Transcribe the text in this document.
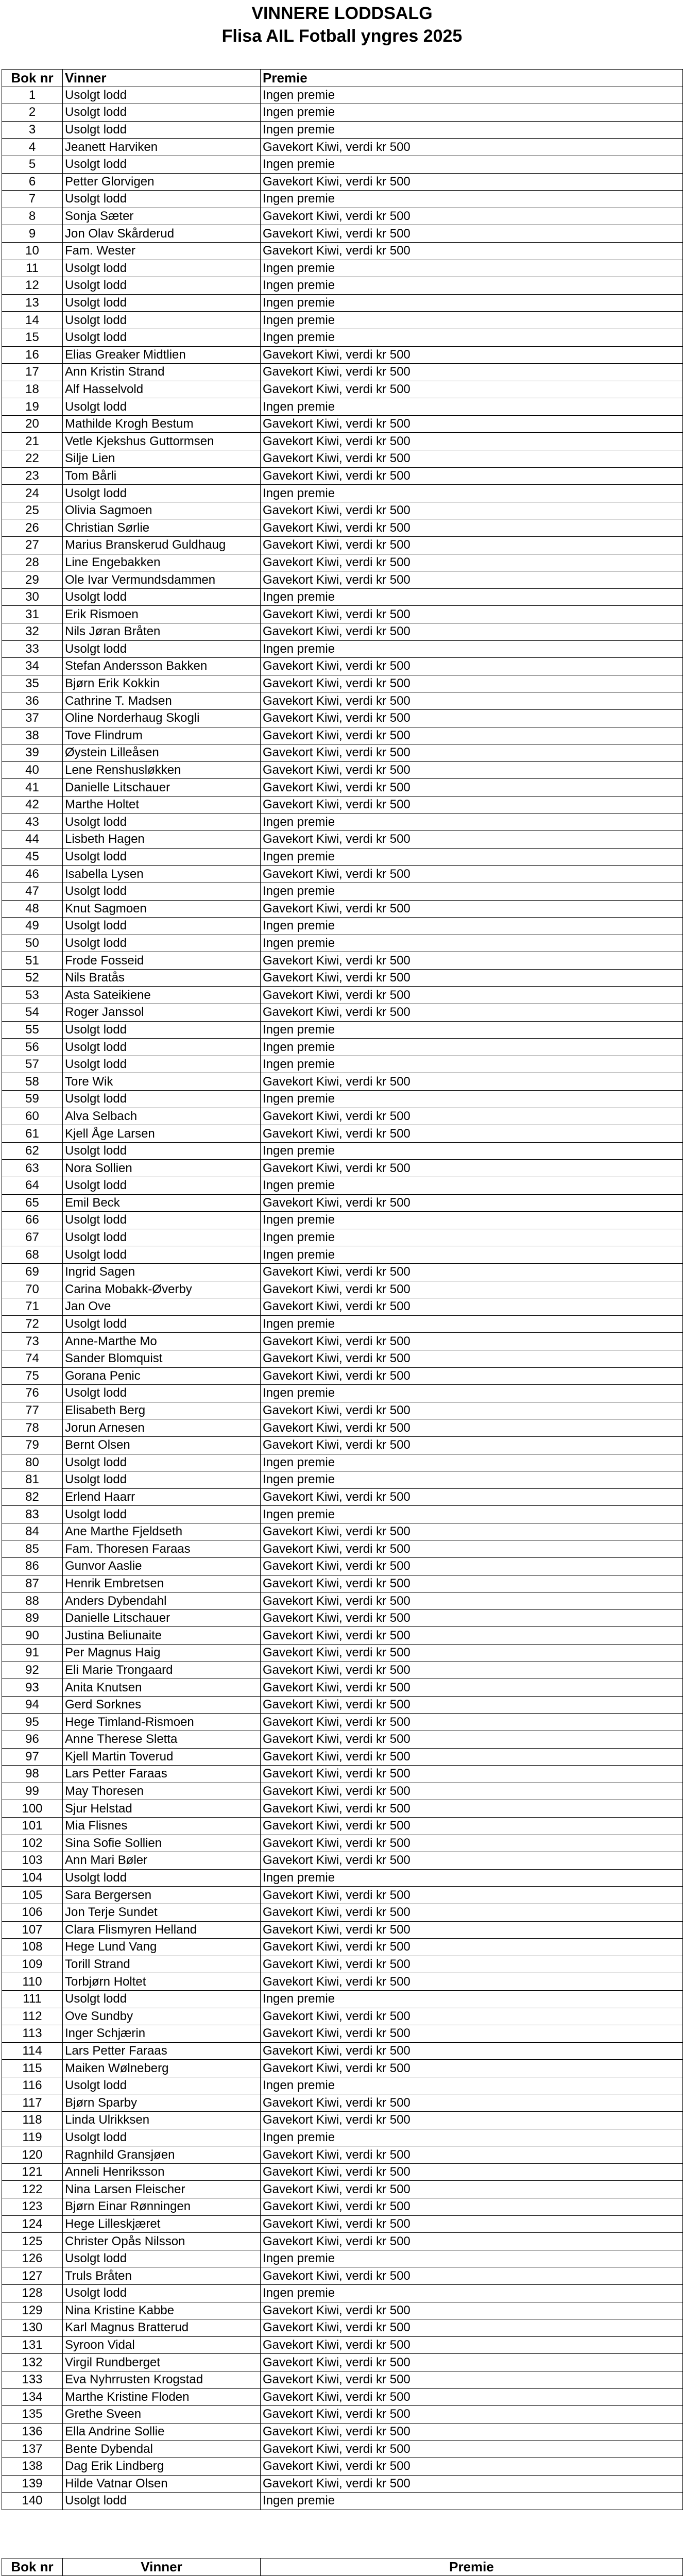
VINNERE LODDSALG
Flisa AIL Fotball yngres 2025
Bok nr	Vinner	Premie
1	Usolgt lodd	Ingen premie
2	Usolgt lodd	Ingen premie
3	Usolgt lodd	Ingen premie
4	Jeanett Harviken	Gavekort Kiwi, verdi kr 500
5	Usolgt lodd	Ingen premie
6	Petter Glorvigen	Gavekort Kiwi, verdi kr 500
7	Usolgt lodd	Ingen premie
8	Sonja Sæter	Gavekort Kiwi, verdi kr 500
9	Jon Olav Skårderud	Gavekort Kiwi, verdi kr 500
10	Fam. Wester	Gavekort Kiwi, verdi kr 500
11	Usolgt lodd	Ingen premie
12	Usolgt lodd	Ingen premie
13	Usolgt lodd	Ingen premie
14	Usolgt lodd	Ingen premie
15	Usolgt lodd	Ingen premie
16	Elias Greaker Midtlien	Gavekort Kiwi, verdi kr 500
17	Ann Kristin Strand	Gavekort Kiwi, verdi kr 500
18	Alf Hasselvold	Gavekort Kiwi, verdi kr 500
19	Usolgt lodd	Ingen premie
20	Mathilde Krogh Bestum	Gavekort Kiwi, verdi kr 500
21	Vetle Kjekshus Guttormsen	Gavekort Kiwi, verdi kr 500
22	Silje Lien	Gavekort Kiwi, verdi kr 500
23	Tom Bårli	Gavekort Kiwi, verdi kr 500
24	Usolgt lodd	Ingen premie
25	Olivia Sagmoen	Gavekort Kiwi, verdi kr 500
26	Christian Sørlie	Gavekort Kiwi, verdi kr 500
27	Marius Branskerud Guldhaug	Gavekort Kiwi, verdi kr 500
28	Line Engebakken	Gavekort Kiwi, verdi kr 500
29	Ole Ivar Vermundsdammen	Gavekort Kiwi, verdi kr 500
30	Usolgt lodd	Ingen premie
31	Erik Rismoen	Gavekort Kiwi, verdi kr 500
32	Nils Jøran Bråten	Gavekort Kiwi, verdi kr 500
33	Usolgt lodd	Ingen premie
34	Stefan Andersson Bakken	Gavekort Kiwi, verdi kr 500
35	Bjørn Erik Kokkin	Gavekort Kiwi, verdi kr 500
36	Cathrine T. Madsen	Gavekort Kiwi, verdi kr 500
37	Oline Norderhaug Skogli	Gavekort Kiwi, verdi kr 500
38	Tove Flindrum	Gavekort Kiwi, verdi kr 500
39	Øystein Lilleåsen	Gavekort Kiwi, verdi kr 500
40	Lene Renshusløkken	Gavekort Kiwi, verdi kr 500
41	Danielle Litschauer	Gavekort Kiwi, verdi kr 500
42	Marthe Holtet	Gavekort Kiwi, verdi kr 500
43	Usolgt lodd	Ingen premie
44	Lisbeth Hagen	Gavekort Kiwi, verdi kr 500
45	Usolgt lodd	Ingen premie
46	Isabella Lysen	Gavekort Kiwi, verdi kr 500
47	Usolgt lodd	Ingen premie
48	Knut Sagmoen	Gavekort Kiwi, verdi kr 500
49	Usolgt lodd	Ingen premie
50	Usolgt lodd	Ingen premie
51	Frode Fosseid	Gavekort Kiwi, verdi kr 500
52	Nils Bratås	Gavekort Kiwi, verdi kr 500
53	Asta Sateikiene	Gavekort Kiwi, verdi kr 500
54	Roger Janssol	Gavekort Kiwi, verdi kr 500
55	Usolgt lodd	Ingen premie
56	Usolgt lodd	Ingen premie
57	Usolgt lodd	Ingen premie
58	Tore Wik	Gavekort Kiwi, verdi kr 500
59	Usolgt lodd	Ingen premie
60	Alva Selbach	Gavekort Kiwi, verdi kr 500
61	Kjell Åge Larsen	Gavekort Kiwi, verdi kr 500
62	Usolgt lodd	Ingen premie
63	Nora Sollien	Gavekort Kiwi, verdi kr 500
64	Usolgt lodd	Ingen premie
65	Emil Beck	Gavekort Kiwi, verdi kr 500
66	Usolgt lodd	Ingen premie
67	Usolgt lodd	Ingen premie
68	Usolgt lodd	Ingen premie
69	Ingrid Sagen	Gavekort Kiwi, verdi kr 500
70	Carina Mobakk-Øverby	Gavekort Kiwi, verdi kr 500
71	Jan Ove	Gavekort Kiwi, verdi kr 500
72	Usolgt lodd	Ingen premie
73	Anne-Marthe Mo	Gavekort Kiwi, verdi kr 500
74	Sander Blomquist	Gavekort Kiwi, verdi kr 500
75	Gorana Penic	Gavekort Kiwi, verdi kr 500
76	Usolgt lodd	Ingen premie
77	Elisabeth Berg	Gavekort Kiwi, verdi kr 500
78	Jorun Arnesen	Gavekort Kiwi, verdi kr 500
79	Bernt Olsen	Gavekort Kiwi, verdi kr 500
80	Usolgt lodd	Ingen premie
81	Usolgt lodd	Ingen premie
82	Erlend Haarr	Gavekort Kiwi, verdi kr 500
83	Usolgt lodd	Ingen premie
84	Ane Marthe Fjeldseth	Gavekort Kiwi, verdi kr 500
85	Fam. Thoresen Faraas	Gavekort Kiwi, verdi kr 500
86	Gunvor Aaslie	Gavekort Kiwi, verdi kr 500
87	Henrik Embretsen	Gavekort Kiwi, verdi kr 500
88	Anders Dybendahl	Gavekort Kiwi, verdi kr 500
89	Danielle Litschauer	Gavekort Kiwi, verdi kr 500
90	Justina Beliunaite	Gavekort Kiwi, verdi kr 500
91	Per Magnus Haig	Gavekort Kiwi, verdi kr 500
92	Eli Marie Trongaard	Gavekort Kiwi, verdi kr 500
93	Anita Knutsen	Gavekort Kiwi, verdi kr 500
94	Gerd Sorknes	Gavekort Kiwi, verdi kr 500
95	Hege Timland-Rismoen	Gavekort Kiwi, verdi kr 500
96	Anne Therese Sletta	Gavekort Kiwi, verdi kr 500
97	Kjell Martin Toverud	Gavekort Kiwi, verdi kr 500
98	Lars Petter Faraas	Gavekort Kiwi, verdi kr 500
99	May Thoresen	Gavekort Kiwi, verdi kr 500
100	Sjur Helstad	Gavekort Kiwi, verdi kr 500
101	Mia Flisnes	Gavekort Kiwi, verdi kr 500
102	Sina Sofie Sollien	Gavekort Kiwi, verdi kr 500
103	Ann Mari Bøler	Gavekort Kiwi, verdi kr 500
104	Usolgt lodd	Ingen premie
105	Sara Bergersen	Gavekort Kiwi, verdi kr 500
106	Jon Terje Sundet	Gavekort Kiwi, verdi kr 500
107	Clara Flismyren Helland	Gavekort Kiwi, verdi kr 500
108	Hege Lund Vang	Gavekort Kiwi, verdi kr 500
109	Torill Strand	Gavekort Kiwi, verdi kr 500
110	Torbjørn Holtet	Gavekort Kiwi, verdi kr 500
111	Usolgt lodd	Ingen premie
112	Ove Sundby	Gavekort Kiwi, verdi kr 500
113	Inger Schjærin	Gavekort Kiwi, verdi kr 500
114	Lars Petter Faraas	Gavekort Kiwi, verdi kr 500
115	Maiken Wølneberg	Gavekort Kiwi, verdi kr 500
116	Usolgt lodd	Ingen premie
117	Bjørn Sparby	Gavekort Kiwi, verdi kr 500
118	Linda Ulrikksen	Gavekort Kiwi, verdi kr 500
119	Usolgt lodd	Ingen premie
120	Ragnhild Gransjøen	Gavekort Kiwi, verdi kr 500
121	Anneli Henriksson	Gavekort Kiwi, verdi kr 500
122	Nina Larsen Fleischer	Gavekort Kiwi, verdi kr 500
123	Bjørn Einar Rønningen	Gavekort Kiwi, verdi kr 500
124	Hege Lilleskjæret	Gavekort Kiwi, verdi kr 500
125	Christer Opås Nilsson	Gavekort Kiwi, verdi kr 500
126	Usolgt lodd	Ingen premie
127	Truls Bråten	Gavekort Kiwi, verdi kr 500
128	Usolgt lodd	Ingen premie
129	Nina Kristine Kabbe	Gavekort Kiwi, verdi kr 500
130	Karl Magnus Bratterud	Gavekort Kiwi, verdi kr 500
131	Syroon Vidal	Gavekort Kiwi, verdi kr 500
132	Virgil Rundberget	Gavekort Kiwi, verdi kr 500
133	Eva Nyhrrusten Krogstad	Gavekort Kiwi, verdi kr 500
134	Marthe Kristine Floden	Gavekort Kiwi, verdi kr 500
135	Grethe Sveen	Gavekort Kiwi, verdi kr 500
136	Ella Andrine Sollie	Gavekort Kiwi, verdi kr 500
137	Bente Dybendal	Gavekort Kiwi, verdi kr 500
138	Dag Erik Lindberg	Gavekort Kiwi, verdi kr 500
139	Hilde Vatnar Olsen	Gavekort Kiwi, verdi kr 500
140	Usolgt lodd	Ingen premie
Bok nr	Vinner	Premie
